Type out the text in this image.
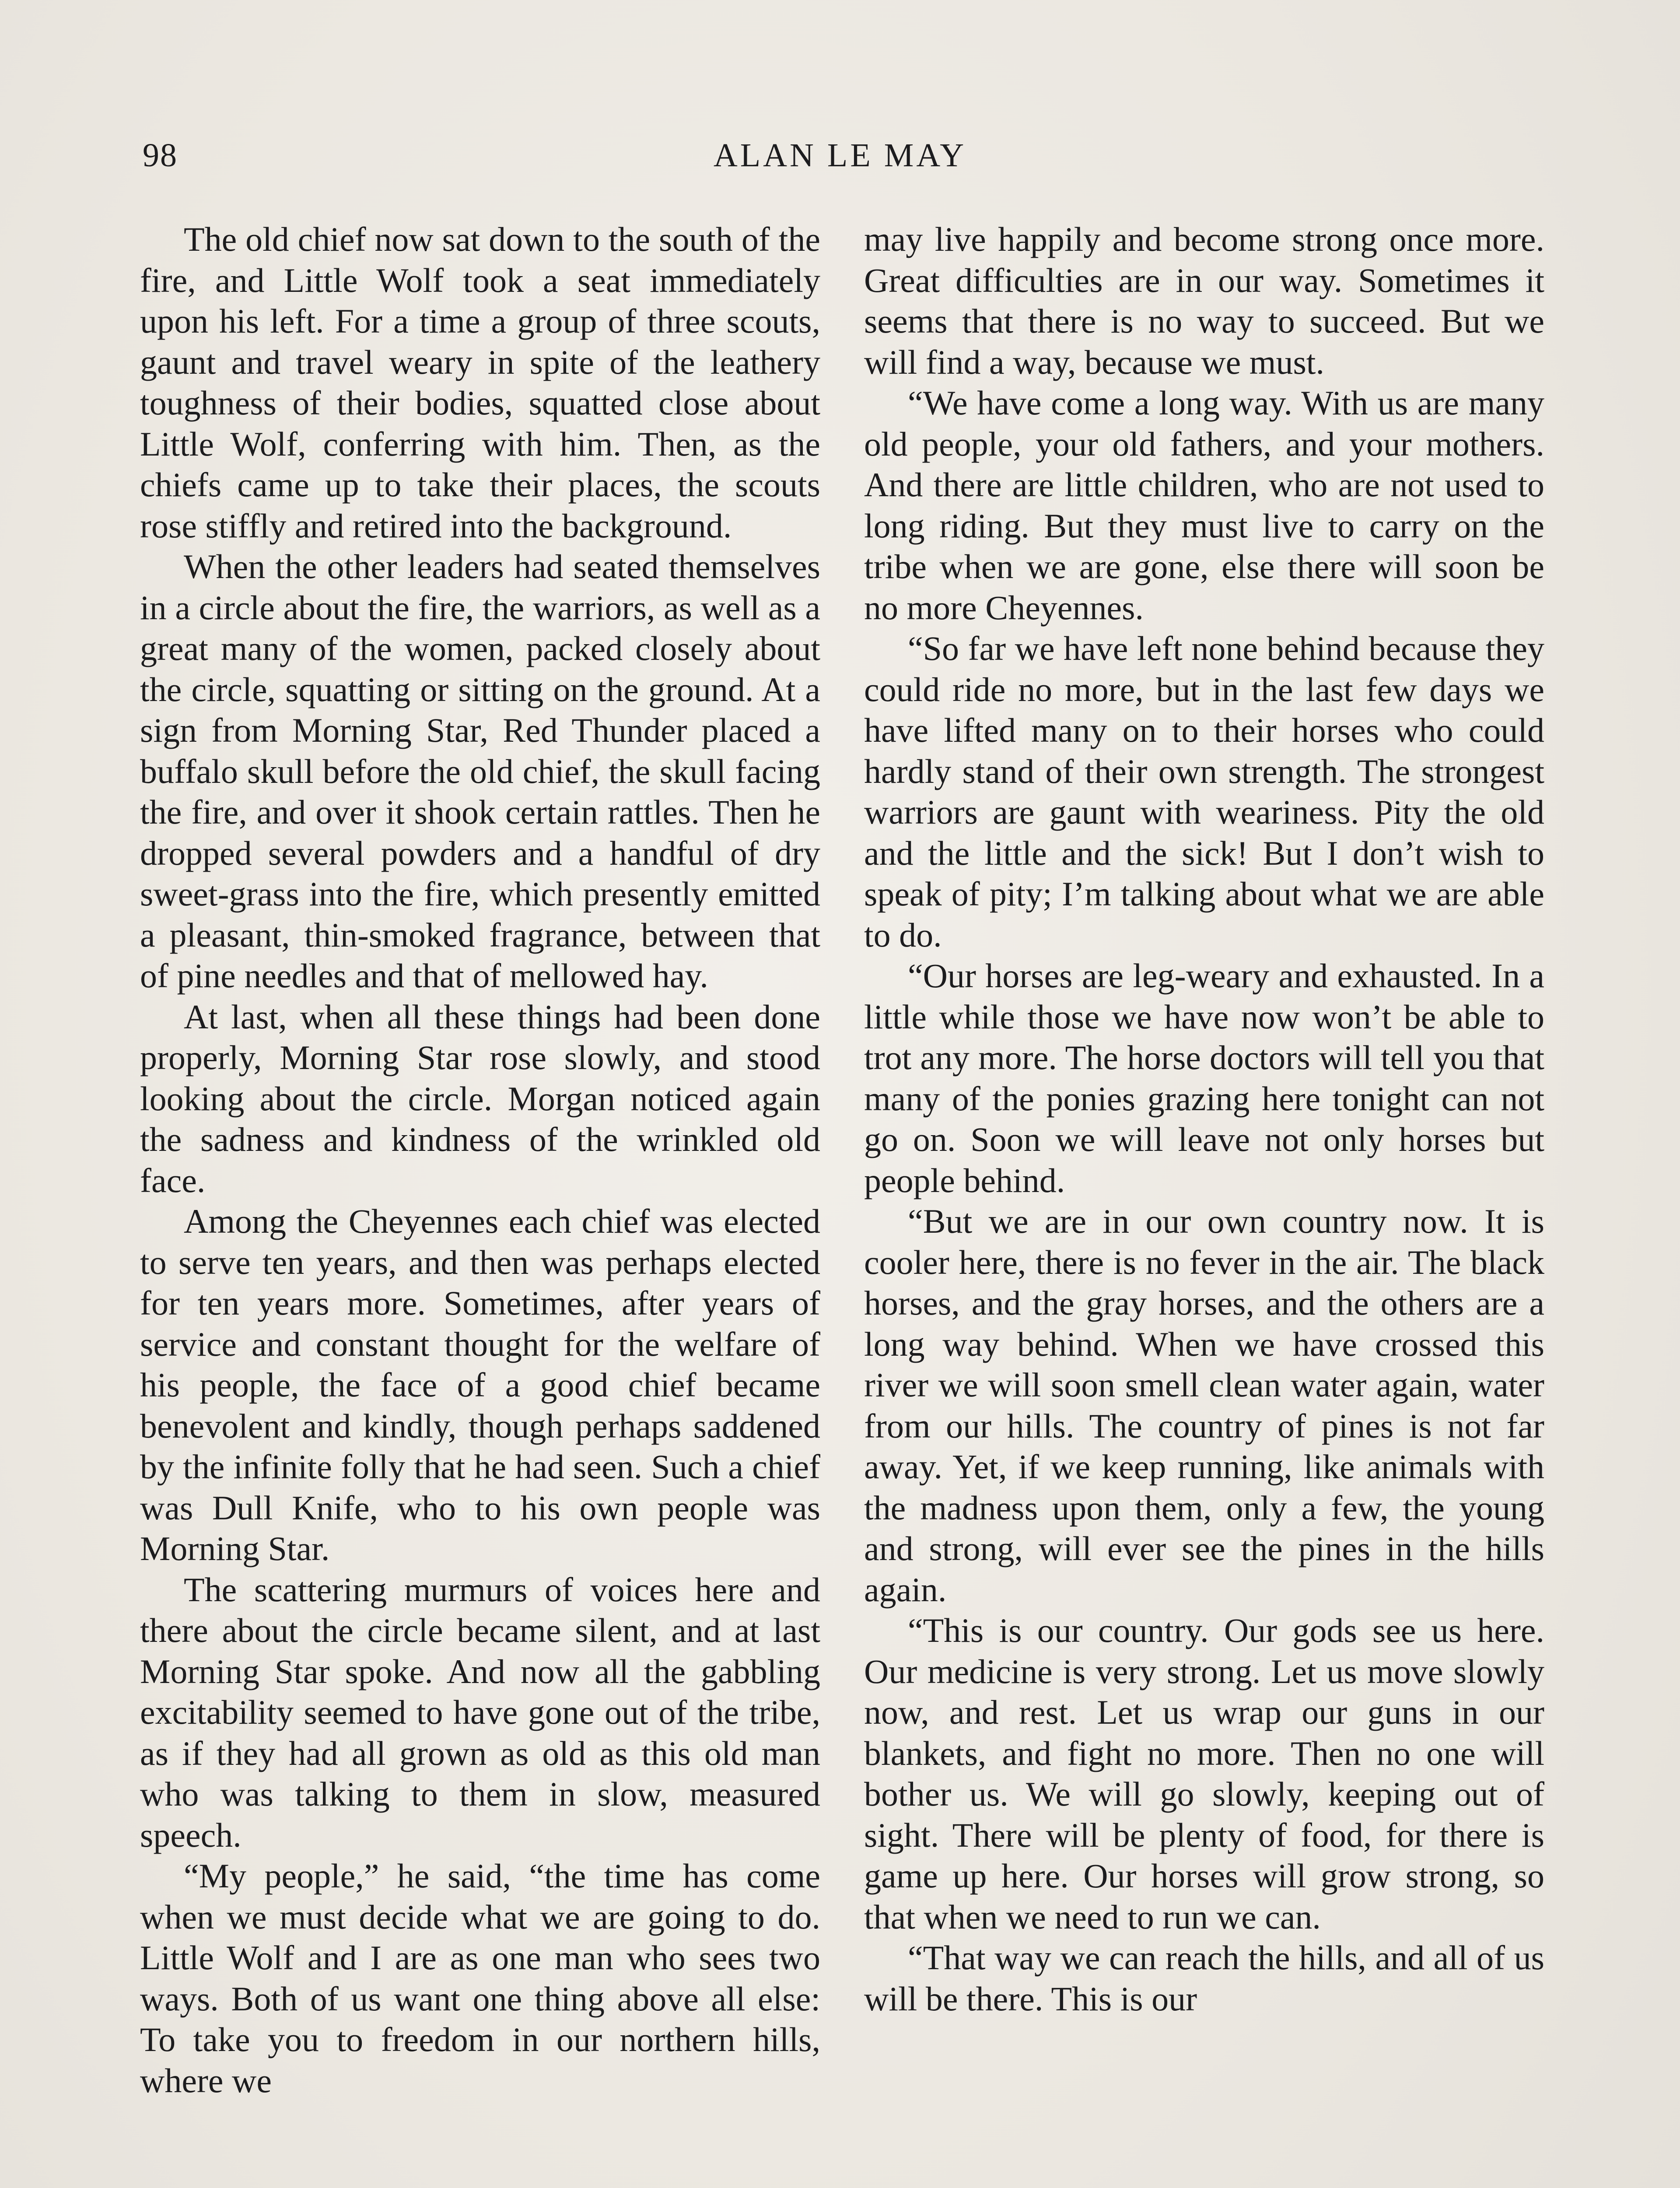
98	ALAN LE MAY

The old chief now sat down to the south of the fire, and Little Wolf took a seat immediately upon his left. For a time a group of three scouts, gaunt and travel weary in spite of the leathery toughness of their bodies, squatted close about Little Wolf, conferring with him. Then, as the chiefs came up to take their places, the scouts rose stiffly and retired into the background.

When the other leaders had seated themselves in a circle about the fire, the warriors, as well as a great many of the women, packed closely about the circle, squatting or sitting on the ground. At a sign from Morning Star, Red Thunder placed a buffalo skull before the old chief, the skull facing the fire, and over it shook certain rattles. Then he dropped several powders and a handful of dry sweet-grass into the fire, which presently emitted a pleasant, thin-smoked fragrance, between that of pine needles and that of mellowed hay.

At last, when all these things had been done properly, Morning Star rose slowly, and stood looking about the circle. Morgan noticed again the sadness and kindness of the wrinkled old face.

Among the Cheyennes each chief was elected to serve ten years, and then was perhaps elected for ten years more. Sometimes, after years of service and constant thought for the welfare of his people, the face of a good chief became benevolent and kindly, though perhaps saddened by the infinite folly that he had seen. Such a chief was Dull Knife, who to his own people was Morning Star.

The scattering murmurs of voices here and there about the circle became silent, and at last Morning Star spoke. And now all the gabbling excitability seemed to have gone out of the tribe, as if they had all grown as old as this old man who was talking to them in slow, measured speech.

“My people,” he said, “the time has come when we must decide what we are going to do. Little Wolf and I are as one man who sees two ways. Both of us want one thing above all else: To take you to freedom in our northern hills, where we

may live happily and become strong once more. Great difficulties are in our way. Sometimes it seems that there is no way to succeed. But we will find a way, because we must.

“We have come a long way. With us are many old people, your old fathers, and your mothers. And there are little children, who are not used to long riding. But they must live to carry on the tribe when we are gone, else there will soon be no more Cheyennes.

“So far we have left none behind because they could ride no more, but in the last few days we have lifted many on to their horses who could hardly stand of their own strength. The strongest warriors are gaunt with weariness. Pity the old and the little and the sick! But I don’t wish to speak of pity; I’m talking about what we are able to do.

“Our horses are leg-weary and exhausted. In a little while those we have now won’t be able to trot any more. The horse doctors will tell you that many of the ponies grazing here tonight can not go on. Soon we will leave not only horses but people behind.

“But we are in our own country now. It is cooler here, there is no fever in the air. The black horses, and the gray horses, and the others are a long way behind. When we have crossed this river we will soon smell clean water again, water from our hills. The country of pines is not far away. Yet, if we keep running, like animals with the madness upon them, only a few, the young and strong, will ever see the pines in the hills again.

“This is our country. Our gods see us here. Our medicine is very strong. Let us move slowly now, and rest. Let us wrap our guns in our blankets, and fight no more. Then no one will bother us. We will go slowly, keeping out of sight. There will be plenty of food, for there is game up here. Our horses will grow strong, so that when we need to run we can.

“That way we can reach the hills, and all of us will be there. This is our
